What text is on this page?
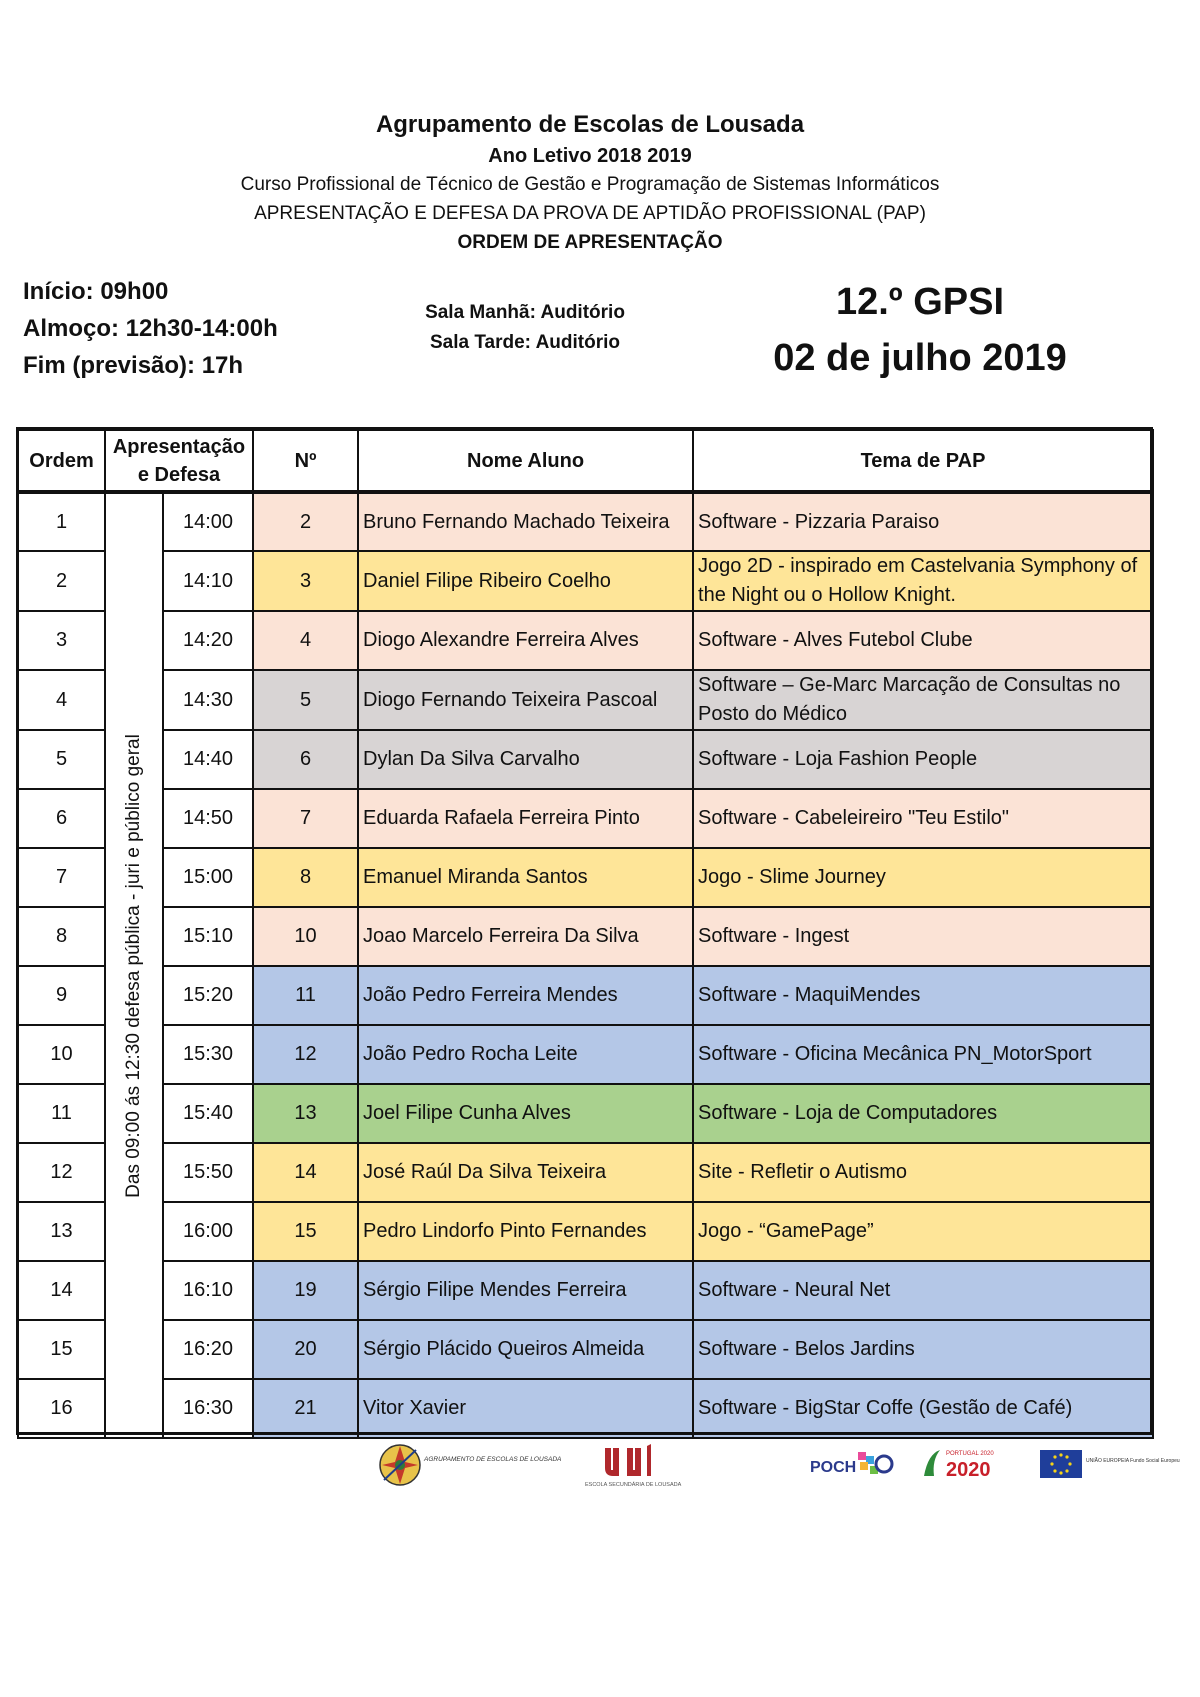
Agrupamento de Escolas de Lousada
Ano Letivo 2018 2019
Curso Profissional de Técnico de Gestão e Programação de Sistemas Informáticos
APRESENTAÇÃO E DEFESA DA PROVA DE APTIDÃO PROFISSIONAL (PAP)
ORDEM DE APRESENTAÇÃO
Início: 09h00
Almoço: 12h30-14:00h
Fim (previsão): 17h
Sala Manhã: Auditório
Sala Tarde: Auditório
12.º GPSI
02 de julho 2019
Ordem	Apresentação e Defesa		Nº	Nome Aluno	Tema de PAP
1	Das 09:00 ás 12:30 defesa pública - juri e público geral	14:00	2	Bruno Fernando Machado Teixeira	Software - Pizzaria Paraiso
2		14:10	3	Daniel Filipe Ribeiro Coelho	Jogo 2D - inspirado em Castelvania Symphony of the Night ou o Hollow Knight.
3		14:20	4	Diogo Alexandre Ferreira Alves	Software - Alves Futebol Clube
4		14:30	5	Diogo Fernando Teixeira Pascoal	Software – Ge-Marc Marcação de Consultas no Posto do Médico
5		14:40	6	Dylan Da Silva Carvalho	Software - Loja Fashion People
6		14:50	7	Eduarda Rafaela Ferreira Pinto	Software - Cabeleireiro "Teu Estilo"
7		15:00	8	Emanuel Miranda Santos	Jogo - Slime Journey
8		15:10	10	Joao Marcelo Ferreira Da Silva	Software - Ingest
9		15:20	11	João Pedro Ferreira Mendes	Software - MaquiMendes
10		15:30	12	João Pedro Rocha Leite	Software - Oficina Mecânica PN_MotorSport
11		15:40	13	Joel Filipe Cunha Alves	Software - Loja de Computadores
12		15:50	14	José Raúl Da Silva Teixeira	Site - Refletir o Autismo
13		16:00	15	Pedro Lindorfo Pinto Fernandes	Jogo - “GamePage”
14		16:10	19	Sérgio Filipe Mendes Ferreira	Software - Neural Net
15		16:20	20	Sérgio Plácido Queiros Almeida	Software - Belos Jardins
16		16:30	21	Vitor Xavier	Software - BigStar Coffe (Gestão de Café)
AGRUPAMENTO DE ESCOLAS DE LOUSADA
ESCOLA SECUNDÁRIA DE LOUSADA
POCH	2020
PORTUGAL 2020
UNIÃO EUROPEIA Fundo Social Europeu
